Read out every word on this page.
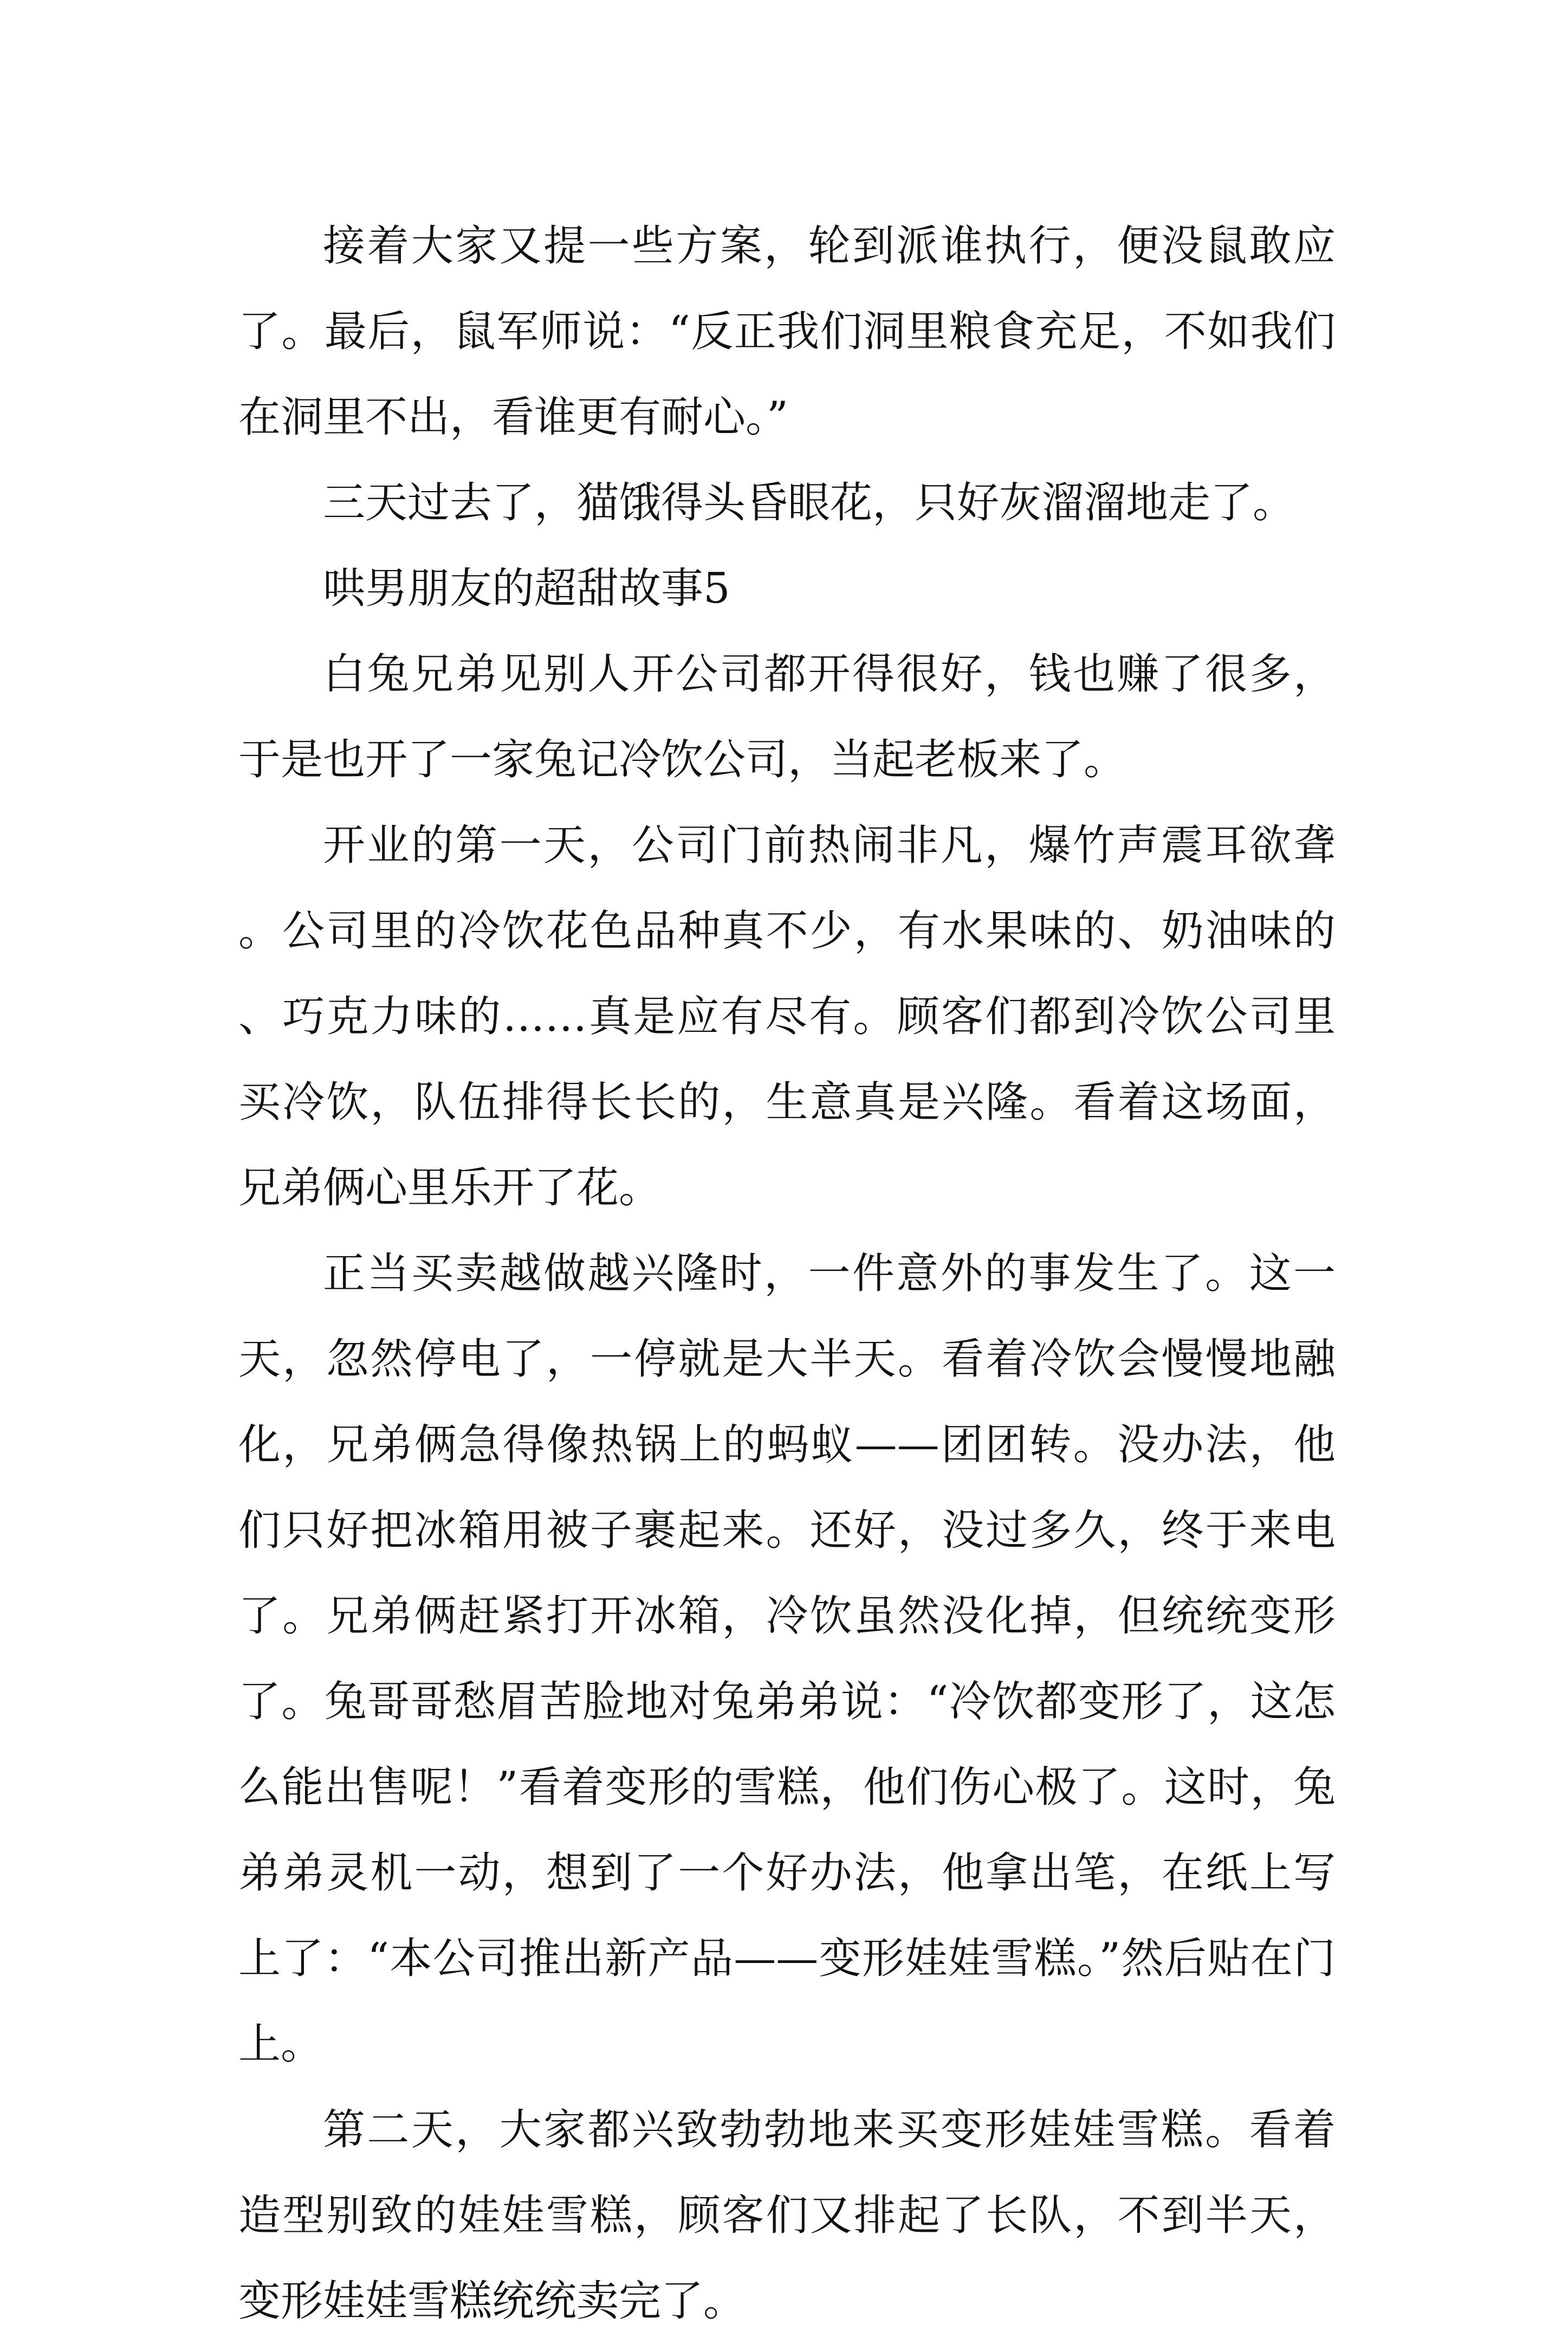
接着大家又提一些方案，轮到派谁执行，便没鼠敢应了。最后，鼠军师说：“反正我们洞里粮食充足，不如我们在洞里不出，看谁更有耐心。”

三天过去了，猫饿得头昏眼花，只好灰溜溜地走了。

哄男朋友的超甜故事5

白兔兄弟见别人开公司都开得很好，钱也赚了很多，于是也开了一家兔记冷饮公司，当起老板来了。

开业的第一天，公司门前热闹非凡，爆竹声震耳欲聋。公司里的冷饮花色品种真不少，有水果味的、奶油味的、巧克力味的……真是应有尽有。顾客们都到冷饮公司里买冷饮，队伍排得长长的，生意真是兴隆。看着这场面，兄弟俩心里乐开了花。

正当买卖越做越兴隆时，一件意外的事发生了。这一天，忽然停电了，一停就是大半天。看着冷饮会慢慢地融化，兄弟俩急得像热锅上的蚂蚁——团团转。没办法，他们只好把冰箱用被子裹起来。还好，没过多久，终于来电了。兄弟俩赶紧打开冰箱，冷饮虽然没化掉，但统统变形了。兔哥哥愁眉苦脸地对兔弟弟说：“冷饮都变形了，这怎么能出售呢！”看着变形的雪糕，他们伤心极了。这时，兔弟弟灵机一动，想到了一个好办法，他拿出笔，在纸上写上了：“本公司推出新产品——变形娃娃雪糕。”然后贴在门上。

第二天，大家都兴致勃勃地来买变形娃娃雪糕。看着造型别致的娃娃雪糕，顾客们又排起了长队，不到半天，变形娃娃雪糕统统卖完了。
